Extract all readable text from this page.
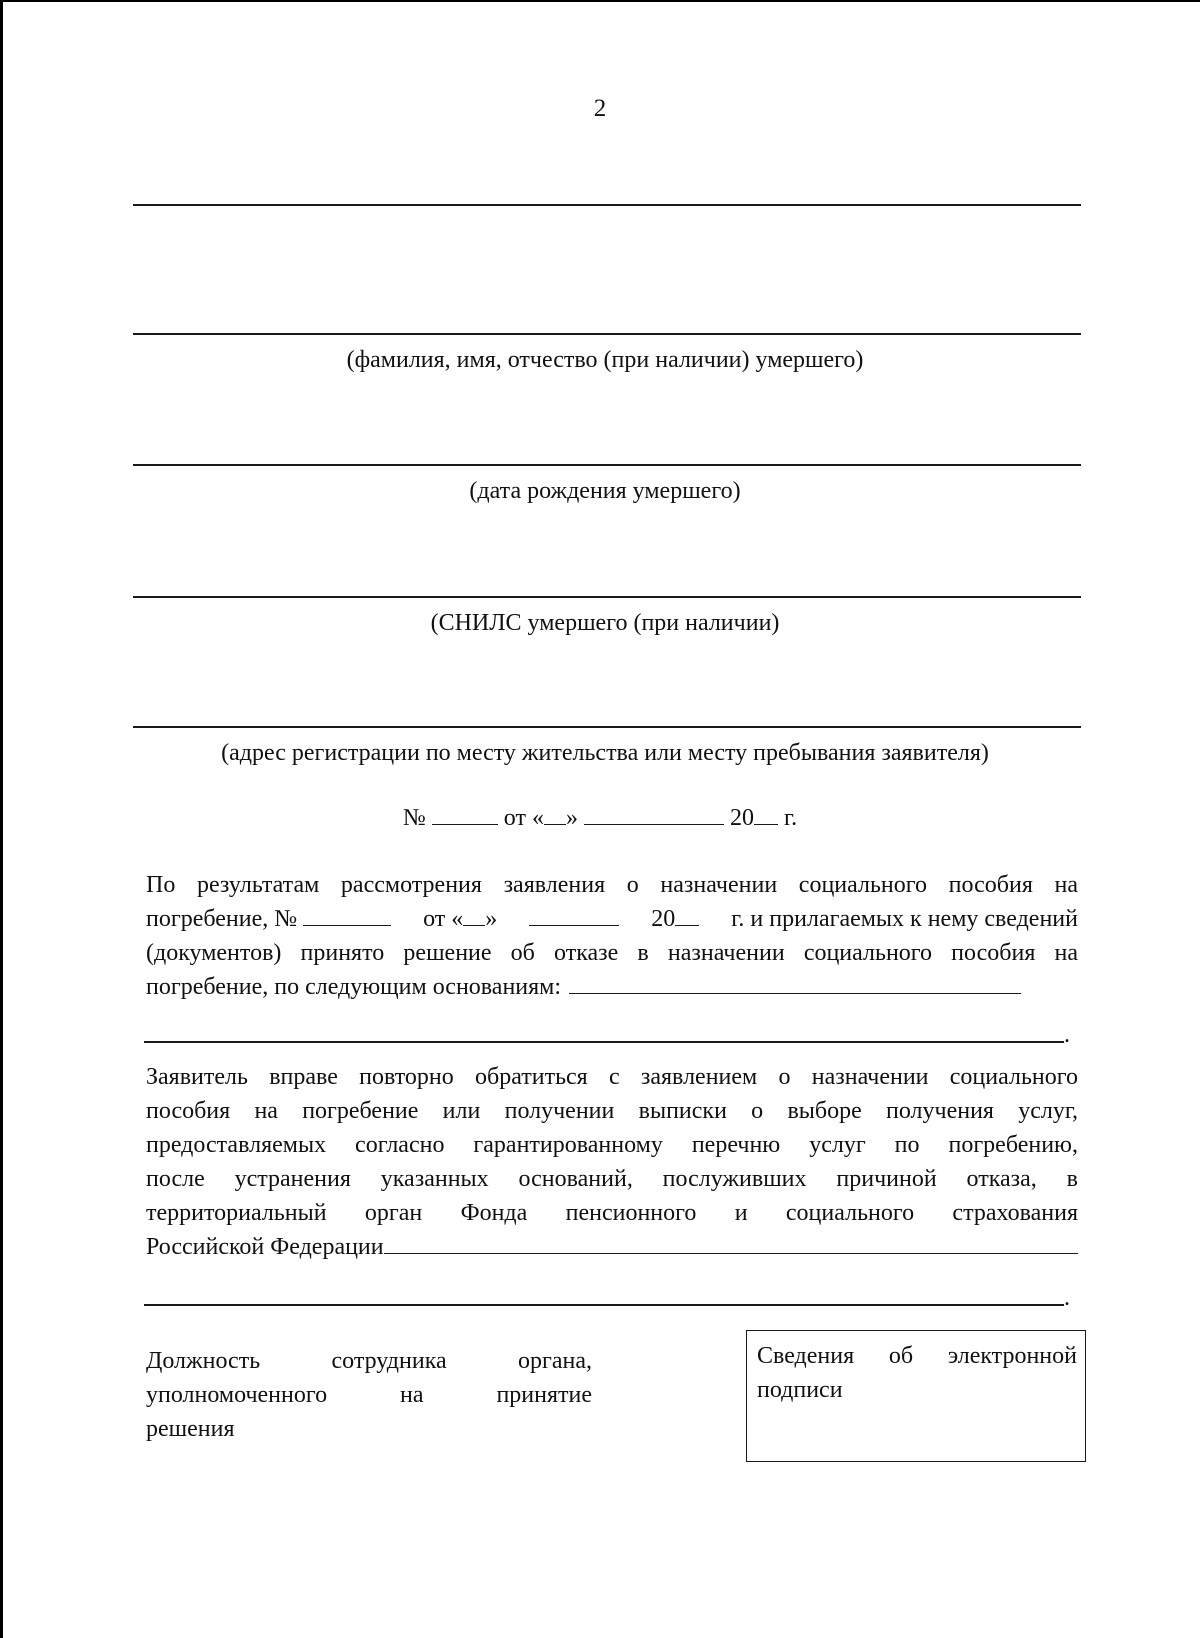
2
(фамилия, имя, отчество (при наличии) умершего)
(дата рождения умершего)
(СНИЛС умершего (при наличии)
(адрес регистрации по месту жительства или месту пребывания заявителя)
№	от « »	20 г.
По результатам рассмотрения заявления о назначении социального пособия на
погребение, №	от « »	20	г. и прилагаемых к нему сведений
(документов) принято решение об отказе в назначении социального пособия на
погребение, по следующим основаниям:
.
Заявитель вправе повторно обратиться с заявлением о назначении социального
пособия на погребение или получении выписки о выборе получения услуг,
предоставляемых согласно гарантированному перечню услуг по погребению,
после устранения указанных оснований, послуживших причиной отказа, в
территориальный орган Фонда пенсионного и социального страхования
Российской Федерации
.
Должность	сотрудника	органа,
уполномоченного	на	принятие
решения
Сведения об электронной
подписи
